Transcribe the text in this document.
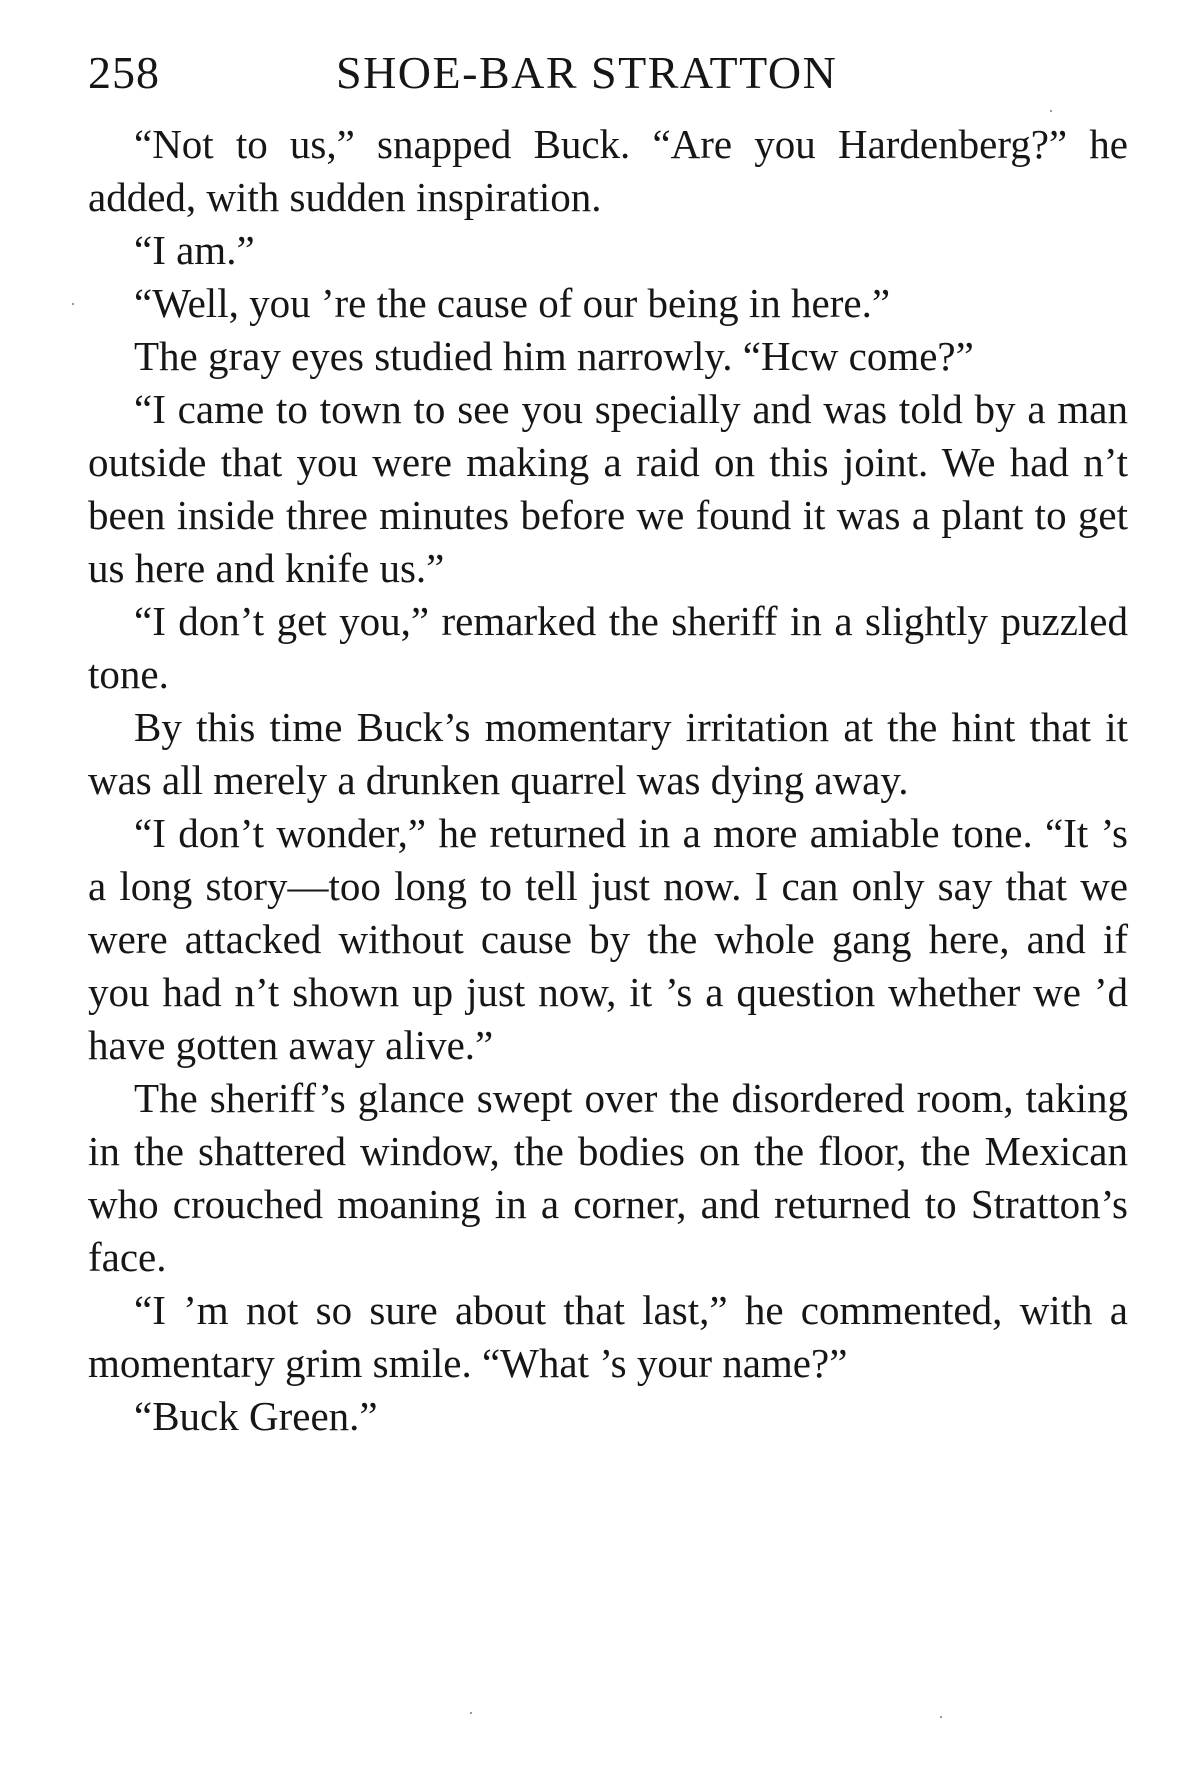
258	SHOE-BAR STRATTON

“Not to us,” snapped Buck. “Are you Hardenberg?” he added, with sudden inspiration.

“I am.”

“Well, you ’re the cause of our being in here.”

The gray eyes studied him narrowly. “Hcw come?”

“I came to town to see you specially and was told by a man outside that you were making a raid on this joint. We had n’t been inside three minutes before we found it was a plant to get us here and knife us.”

“I don’t get you,” remarked the sheriff in a slightly puzzled tone.

By this time Buck’s momentary irritation at the hint that it was all merely a drunken quarrel was dying away.

“I don’t wonder,” he returned in a more amiable tone. “It ’s a long story—too long to tell just now. I can only say that we were attacked without cause by the whole gang here, and if you had n’t shown up just now, it ’s a question whether we ’d have gotten away alive.”

The sheriff’s glance swept over the disordered room, taking in the shattered window, the bodies on the floor, the Mexican who crouched moaning in a corner, and returned to Stratton’s face.

“I ’m not so sure about that last,” he commented, with a momentary grim smile. “What ’s your name?”

“Buck Green.”
